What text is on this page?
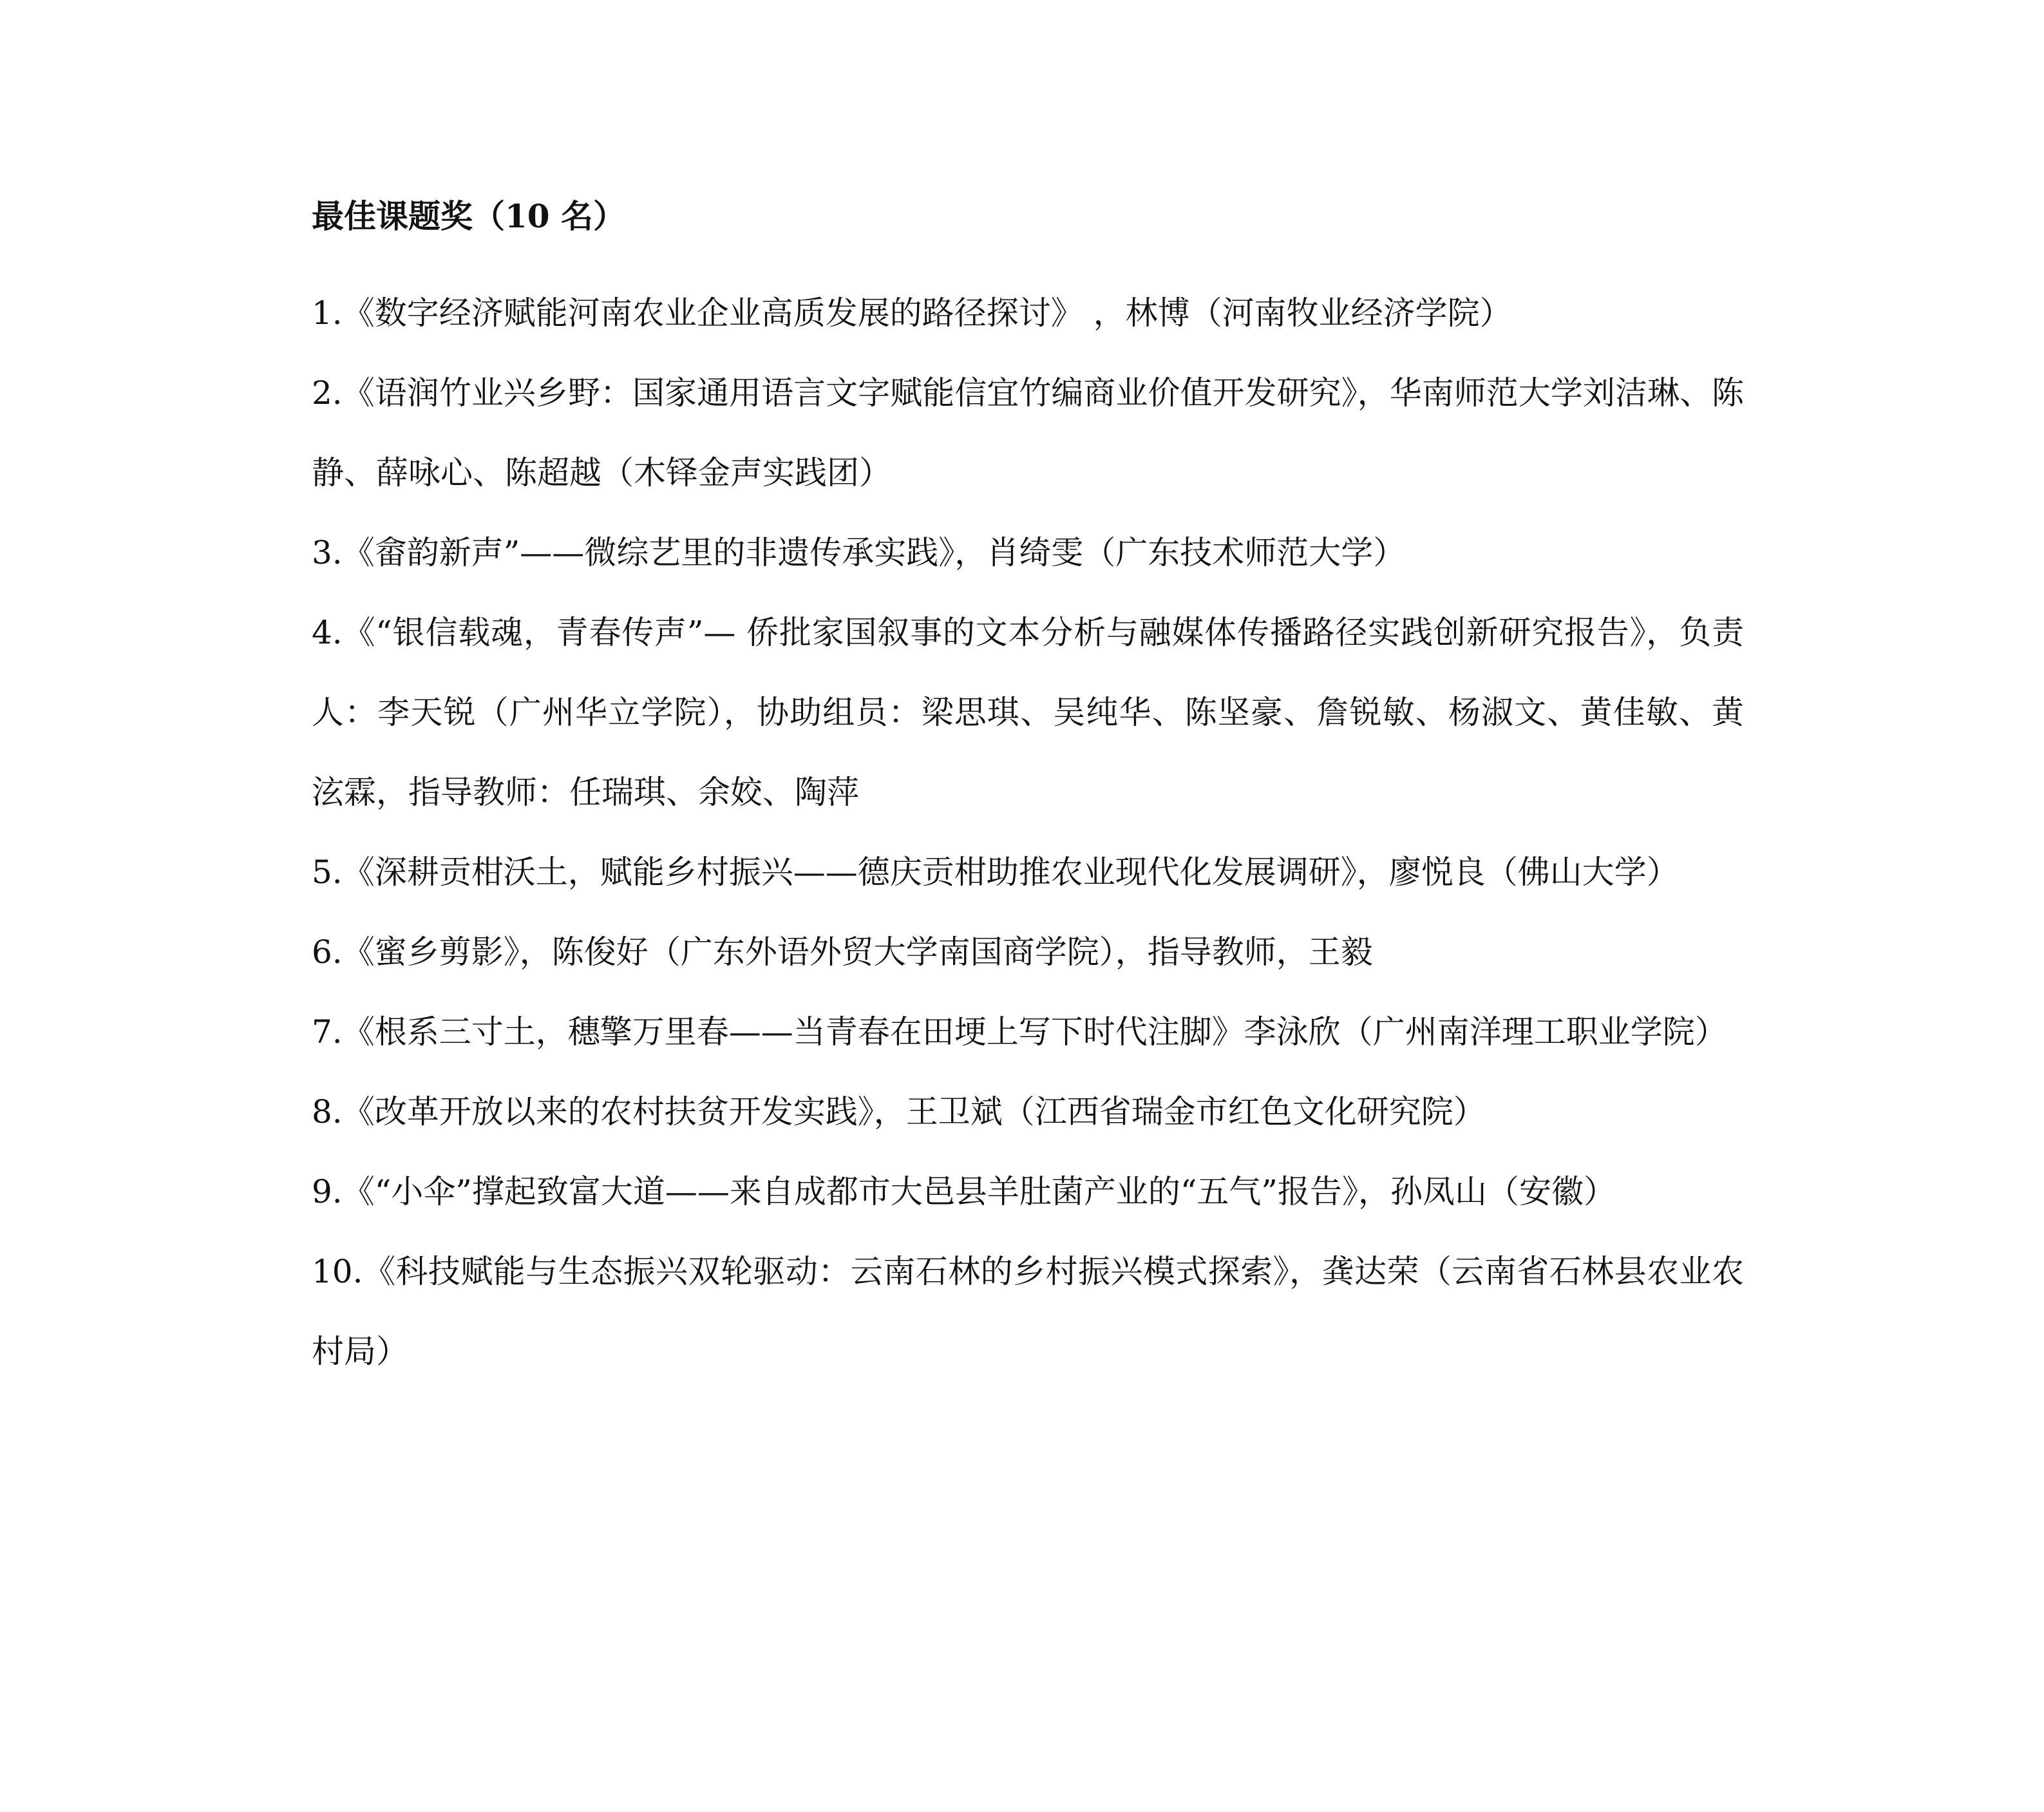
最佳课题奖（10 名）

1.《数字经济赋能河南农业企业高质发展的路径探讨》 ，林博（河南牧业经济学院）

2.《语润竹业兴乡野：国家通用语言文字赋能信宜竹编商业价值开发研究》，华南师范大学刘洁琳、陈静、薛咏心、陈超越（木铎金声实践团）

3.《畲韵新声”——微综艺里的非遗传承实践》，肖绮雯（广东技术师范大学）

4.《“银信载魂，青春传声”— 侨批家国叙事的文本分析与融媒体传播路径实践创新研究报告》，负责人：李天锐（广州华立学院），协助组员：梁思琪、吴纯华、陈坚豪、詹锐敏、杨淑文、黄佳敏、黄泫霖，指导教师：任瑞琪、余姣、陶萍

5.《深耕贡柑沃土，赋能乡村振兴——德庆贡柑助推农业现代化发展调研》，廖悦良（佛山大学）

6.《蜜乡剪影》，陈俊好（广东外语外贸大学南国商学院），指导教师，王毅

7.《根系三寸土，穗擎万里春——当青春在田埂上写下时代注脚》李泳欣（广州南洋理工职业学院）

8.《改革开放以来的农村扶贫开发实践》，王卫斌（江西省瑞金市红色文化研究院）

9.《“小伞”撑起致富大道——来自成都市大邑县羊肚菌产业的“五气”报告》，孙凤山（安徽）

10.《科技赋能与生态振兴双轮驱动：云南石林的乡村振兴模式探索》，龚达荣（云南省石林县农业农村局）
